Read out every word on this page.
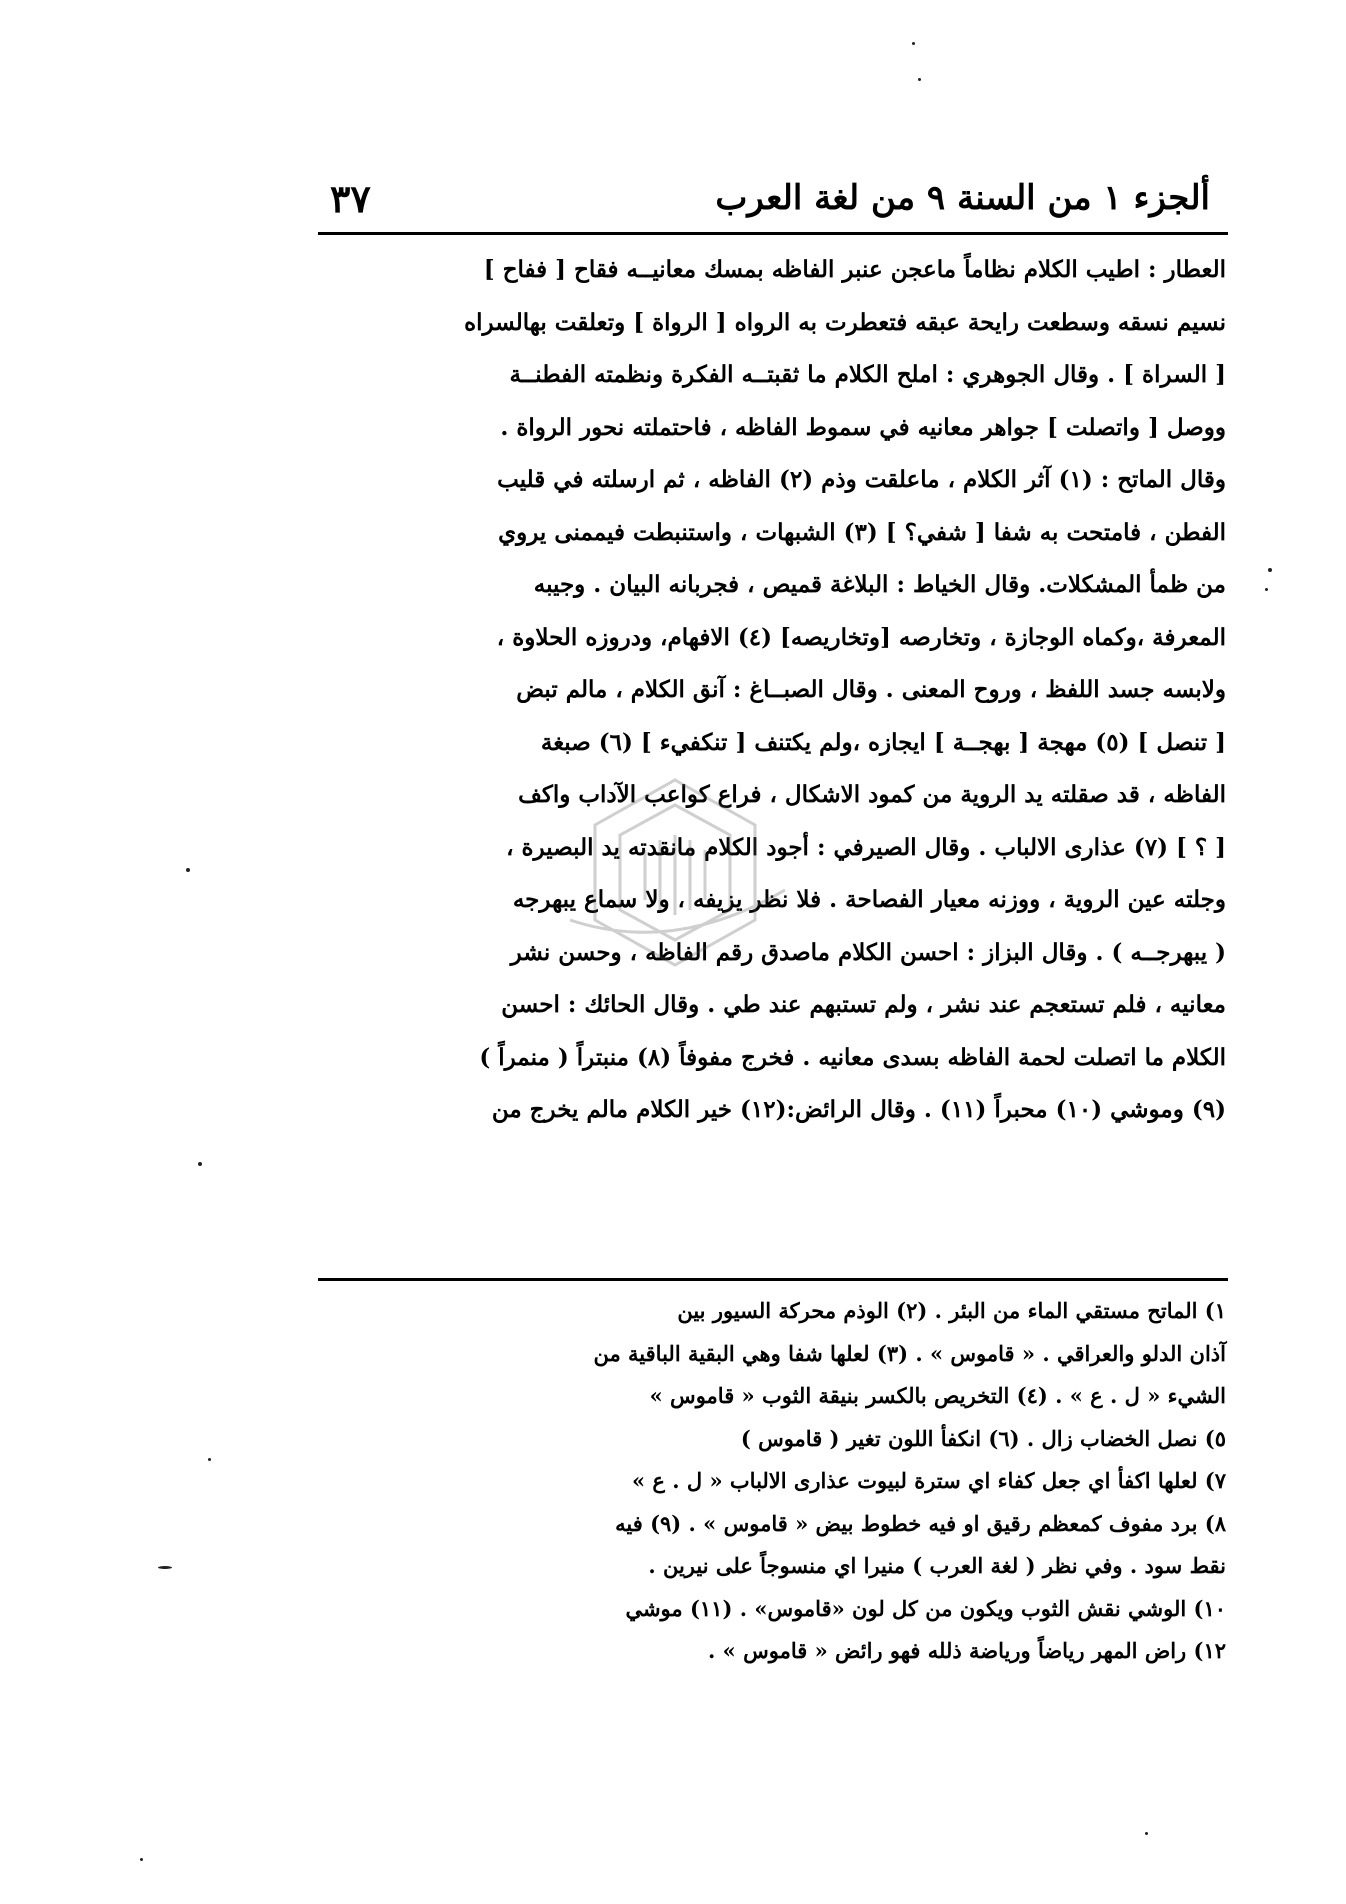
ألجزء ١ من السنة ٩ من لغة العرب
٣٧

العطار : اطيب الكلام نظاماً ماعجن عنبر الفاظه بمسك معانيــه فقاح [ ففاح ]

نسيم نسقه وسطعت رايحة عبقه فتعطرت به الرواه [ الرواة ] وتعلقت بهالسراه

[ السراة ] . وقال الجوهري : املح الكلام ما ثقبتــه الفكرة ونظمته الفطنــة

ووصل [ واتصلت ] جواهر معانيه في سموط الفاظه ، فاحتملته نحور الرواة .

وقال الماتح : (١) آثر الكلام ، ماعلقت وذم (٢) الفاظه ، ثم ارسلته في قليب

الفطن ، فامتحت به شفا [ شفي؟ ] (٣) الشبهات ، واستنبطت فيممنى يروي

من ظمأ المشكلات. وقال الخياط : البلاغة قميص ، فجربانه البيان . وجيبه

المعرفة ،وكماه الوجازة ، وتخارصه [وتخاريصه] (٤) الافهام، ودروزه الحلاوة ،

ولابسه جسد اللفظ ، وروح المعنى . وقال الصبــاغ : آنق الكلام ، مالم تبض

[ تنصل ] (٥) مهجة [ بهجــة ] ايجازه ،ولم يكتنف [ تنكفيء ] (٦) صبغة

الفاظه ، قد صقلته يد الروية من كمود الاشكال ، فراع كواعب الآداب واكف

[ ؟ ] (٧) عذارى الالباب . وقال الصيرفي : أجود الكلام مانقدته يد البصيرة ،

وجلته عين الروية ، ووزنه معيار الفصاحة . فلا نظر يزيفه ، ولا سماع يبهرجه

( يبهرجــه ) . وقال البزاز : احسن الكلام ماصدق رقم الفاظه ، وحسن نشر

معانيه ، فلم تستعجم عند نشر ، ولم تستبهم عند طي . وقال الحائك : احسن

الكلام ما اتصلت لحمة الفاظه بسدى معانيه . فخرج مفوفاً (٨) منبتراً ( منمراً )

(٩) وموشي (١٠) محبراً (١١) . وقال الرائض:(١٢) خير الكلام مالم يخرج من

١) الماتح مستقي الماء من البئر . (٢) الوذم محركة السيور بين

آذان الدلو والعراقي . « قاموس » . (٣) لعلها شفا وهي البقية الباقية من

الشيء « ل . ع » . (٤) التخريص بالكسر بنيقة الثوب « قاموس »

٥) نصل الخضاب زال . (٦) انكفأ اللون تغير ( قاموس )

٧) لعلها اكفأ اي جعل كفاء اي سترة لبيوت عذارى الالباب « ل . ع »

٨) برد مفوف كمعظم رقيق او فيه خطوط بيض « قاموس » . (٩) فيه

نقط سود . وفي نظر ( لغة العرب ) منيرا اي منسوجاً على نيرين .

١٠) الوشي نقش الثوب ويكون من كل لون «قاموس» . (١١) موشي

١٢) راض المهر رياضاً ورياضة ذلله فهو رائض « قاموس » .
